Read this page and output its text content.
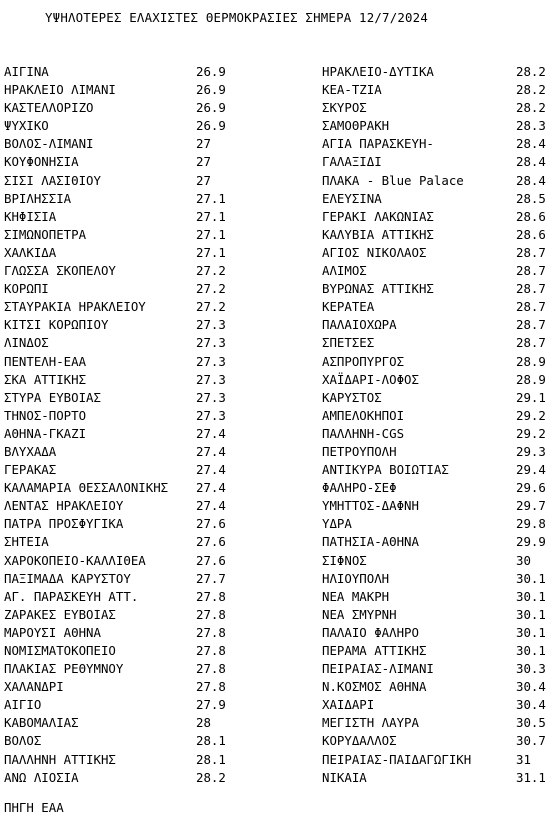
ΥΨΗΛΟΤΕΡΕΣ ΕΛΑΧΙΣΤΕΣ ΘΕΡΜΟΚΡΑΣΙΕΣ ΣΗΜΕΡΑ 12/7/2024
ΑΙΓΙΝΑ	26.9
ΗΡΑΚΛΕΙΟ ΛΙΜΑΝΙ	26.9
ΚΑΣΤΕΛΛΟΡΙΖΟ	26.9
ΨΥΧΙΚΟ	26.9
ΒΟΛΟΣ-ΛΙΜΑΝΙ	27
ΚΟΥΦΟΝΗΣΙΑ	27
ΣΙΣΙ ΛΑΣΙΘΙΟΥ	27
ΒΡΙΛΗΣΣΙΑ	27.1
ΚΗΦΙΣΙΑ	27.1
ΣΙΜΩΝΟΠΕΤΡΑ	27.1
ΧΑΛΚΙΔΑ	27.1
ΓΛΩΣΣΑ ΣΚΟΠΕΛΟΥ	27.2
ΚΟΡΩΠΙ	27.2
ΣΤΑΥΡΑΚΙΑ ΗΡΑΚΛΕΙΟΥ	27.2
ΚΙΤΣΙ ΚΟΡΩΠΙΟΥ	27.3
ΛΙΝΔΟΣ	27.3
ΠΕΝΤΕΛΗ-ΕΑΑ	27.3
ΣΚΑ ΑΤΤΙΚΗΣ	27.3
ΣΤΥΡΑ ΕΥΒΟΙΑΣ	27.3
ΤΗΝΟΣ-ΠΟΡΤΟ	27.3
ΑΘΗΝΑ-ΓΚΑΖΙ	27.4
ΒΛΥΧΑΔΑ	27.4
ΓΕΡΑΚΑΣ	27.4
ΚΑΛΑΜΑΡΙΑ ΘΕΣΣΑΛΟΝΙΚΗΣ 27.4
ΛΕΝΤΑΣ ΗΡΑΚΛΕΙΟΥ	27.4
ΠΑΤΡΑ ΠΡΟΣΦΥΓΙΚΑ	27.6
ΣΗΤΕΙΑ	27.6
ΧΑΡΟΚΟΠΕΙΟ-ΚΑΛΛΙΘΕΑ	27.6
ΠΑΞΙΜΑΔΑ ΚΑΡΥΣΤΟΥ	27.7
ΑΓ. ΠΑΡΑΣΚΕΥΗ ΑΤΤ.	27.8
ΖΑΡΑΚΕΣ ΕΥΒΟΙΑΣ	27.8
ΜΑΡΟΥΣΙ ΑΘΗΝΑ	27.8
ΝΟΜΙΣΜΑΤΟΚΟΠΕΙΟ	27.8
ΠΛΑΚΙΑΣ ΡΕΘΥΜΝΟΥ	27.8
ΧΑΛΑΝΔΡΙ	27.8
ΑΙΓΙΟ	27.9
ΚΑΒΟΜΑΛΙΑΣ	28
ΒΟΛΟΣ	28.1
ΠΑΛΛΗΝΗ ΑΤΤΙΚΗΣ	28.1
ΑΝΩ ΛΙΟΣΙΑ	28.2
ΗΡΑΚΛΕΙΟ-ΔΥΤΙΚΑ	28.2
ΚΕΑ-ΤΖΙΑ	28.2
ΣΚΥΡΟΣ	28.2
ΣΑΜΟΘΡΑΚΗ	28.3
ΑΓΙΑ ΠΑΡΑΣΚΕΥΗ-	28.4
ΓΑΛΑΞΙΔΙ	28.4
ΠΛΑΚΑ - Blue Palace	28.4
ΕΛΕΥΣΙΝΑ	28.5
ΓΕΡΑΚΙ ΛΑΚΩΝΙΑΣ	28.6
ΚΑΛΥΒΙΑ ΑΤΤΙΚΗΣ	28.6
ΑΓΙΟΣ ΝΙΚΟΛΑΟΣ	28.7
ΑΛΙΜΟΣ	28.7
ΒΥΡΩΝΑΣ ΑΤΤΙΚΗΣ	28.7
ΚΕΡΑΤΕΑ	28.7
ΠΑΛΑΙΟΧΩΡΑ	28.7
ΣΠΕΤΣΕΣ	28.7
ΑΣΠΡΟΠΥΡΓΟΣ	28.9
ΧΑΪΔΑΡΙ-ΛΟΦΟΣ	28.9
ΚΑΡΥΣΤΟΣ	29.1
ΑΜΠΕΛΟΚΗΠΟΙ	29.2
ΠΑΛΛΗΝΗ-CGS	29.2
ΠΕΤΡΟΥΠΟΛΗ	29.3
ΑΝΤΙΚΥΡΑ ΒΟΙΩΤΙΑΣ	29.4
ΦΑΛΗΡΟ-ΣΕΦ	29.6
ΥΜΗΤΤΟΣ-ΔΑΦΝΗ	29.7
ΥΔΡΑ	29.8
ΠΑΤΗΣΙΑ-ΑΘΗΝΑ	29.9
ΣΙΦΝΟΣ	30
ΗΛΙΟΥΠΟΛΗ	30.1
ΝΕΑ ΜΑΚΡΗ	30.1
ΝΕΑ ΣΜΥΡΝΗ	30.1
ΠΑΛΑΙΟ ΦΑΛΗΡΟ	30.1
ΠΕΡΑΜΑ ΑΤΤΙΚΗΣ	30.1
ΠΕΙΡΑΙΑΣ-ΛΙΜΑΝΙ	30.3
Ν.ΚΟΣΜΟΣ ΑΘΗΝΑ	30.4
ΧΑΙΔΑΡΙ	30.4
ΜΕΓΙΣΤΗ ΛΑΥΡΑ	30.5
ΚΟΡΥΔΑΛΛΟΣ	30.7
ΠΕΙΡΑΙΑΣ-ΠΑΙΔΑΓΩΓΙΚΗ	31
ΝΙΚΑΙΑ	31.1
ΠΗΓΗ ΕΑΑ
